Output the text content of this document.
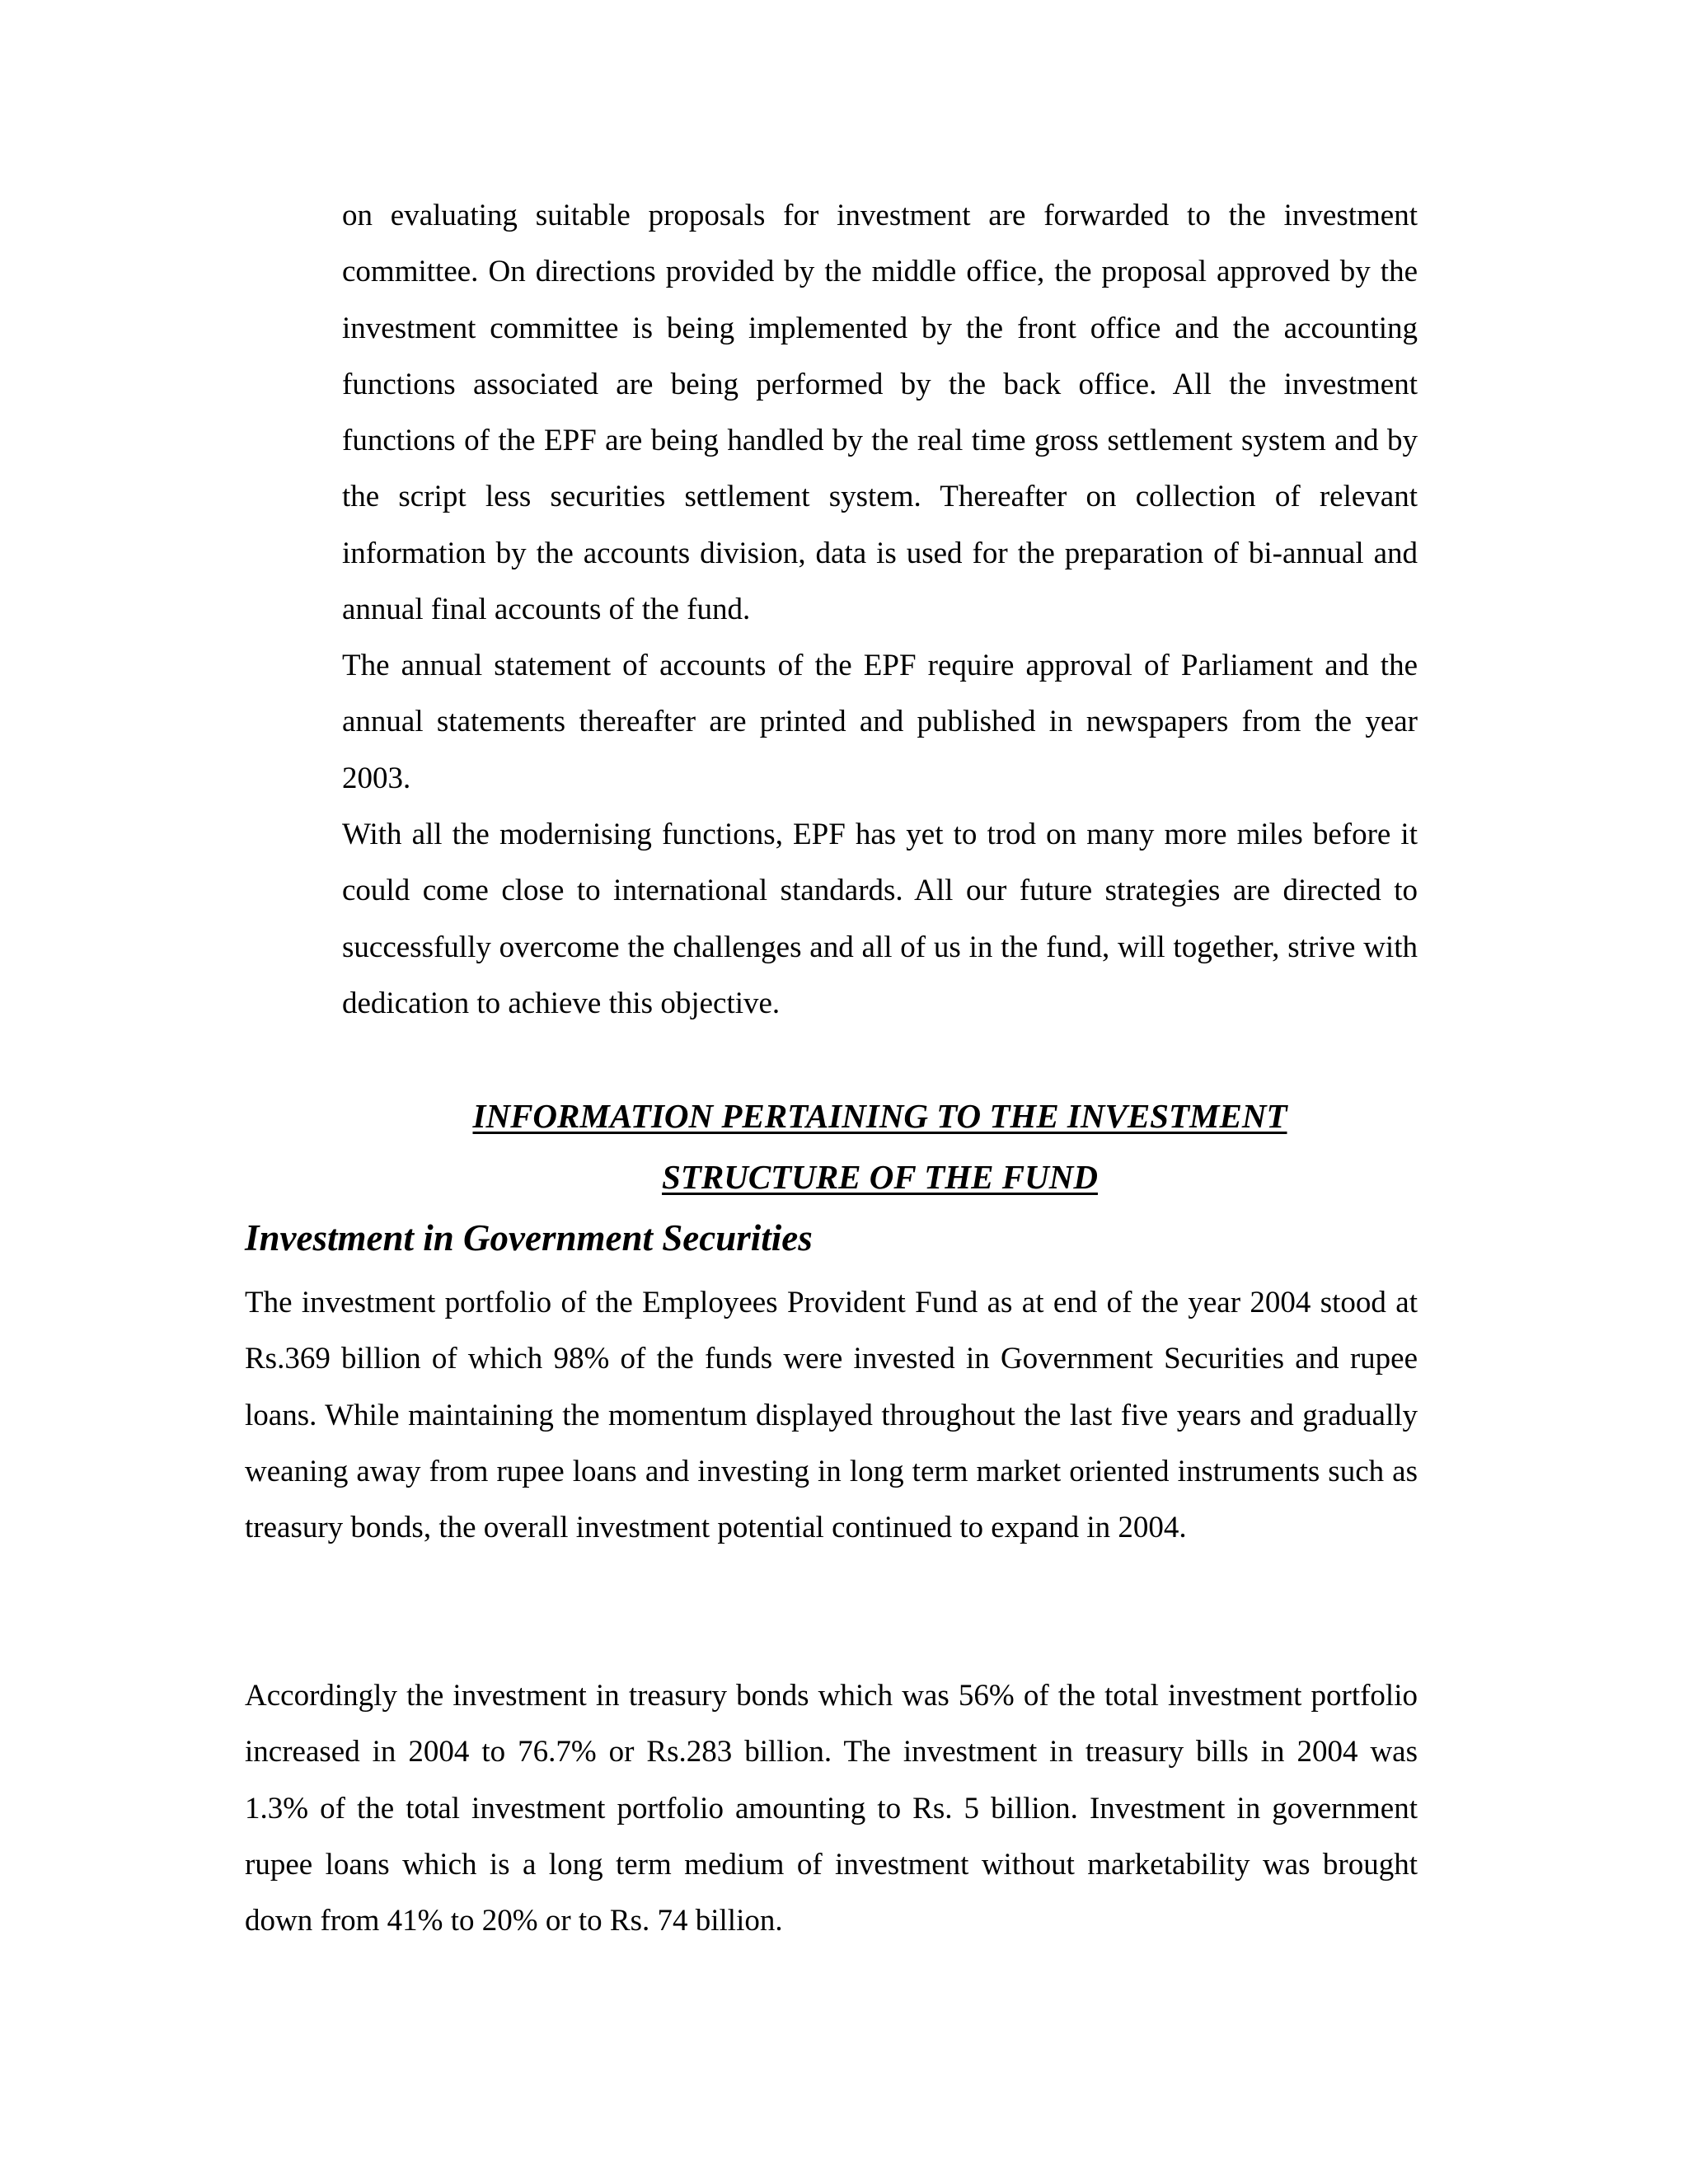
on evaluating suitable proposals for investment are forwarded to the investment committee. On directions provided by the middle office, the proposal approved by the investment committee is being implemented by the front office and the accounting functions associated are being performed by the back office. All the investment functions of the EPF are being handled by the real time gross settlement system and by the script less securities settlement system. Thereafter on collection of relevant information by the accounts division, data is used for the preparation of bi-annual and annual final accounts of the fund.

The annual statement of accounts of the EPF require approval of Parliament and the annual statements thereafter are printed and published in newspapers from the year 2003.

With all the modernising functions, EPF has yet to trod on many more miles before it could come close to international standards. All our future strategies are directed to successfully overcome the challenges and all of us in the fund, will together, strive with dedication to achieve this objective.

INFORMATION PERTAINING TO THE INVESTMENT
STRUCTURE OF THE FUND
Investment in Government Securities

The investment portfolio of the Employees Provident Fund as at end of the year 2004 stood at Rs.369 billion of which 98% of the funds were invested in Government Securities and rupee loans. While maintaining the momentum displayed throughout the last five years and gradually weaning away from rupee loans and investing in long term market oriented instruments such as treasury bonds, the overall investment potential continued to expand in 2004.

Accordingly the investment in treasury bonds which was 56% of the total investment portfolio increased in 2004 to 76.7% or Rs.283 billion. The investment in treasury bills in 2004 was 1.3% of the total investment portfolio amounting to Rs. 5 billion. Investment in government rupee loans which is a long term medium of investment without marketability was brought down from 41% to 20% or to Rs. 74 billion.
